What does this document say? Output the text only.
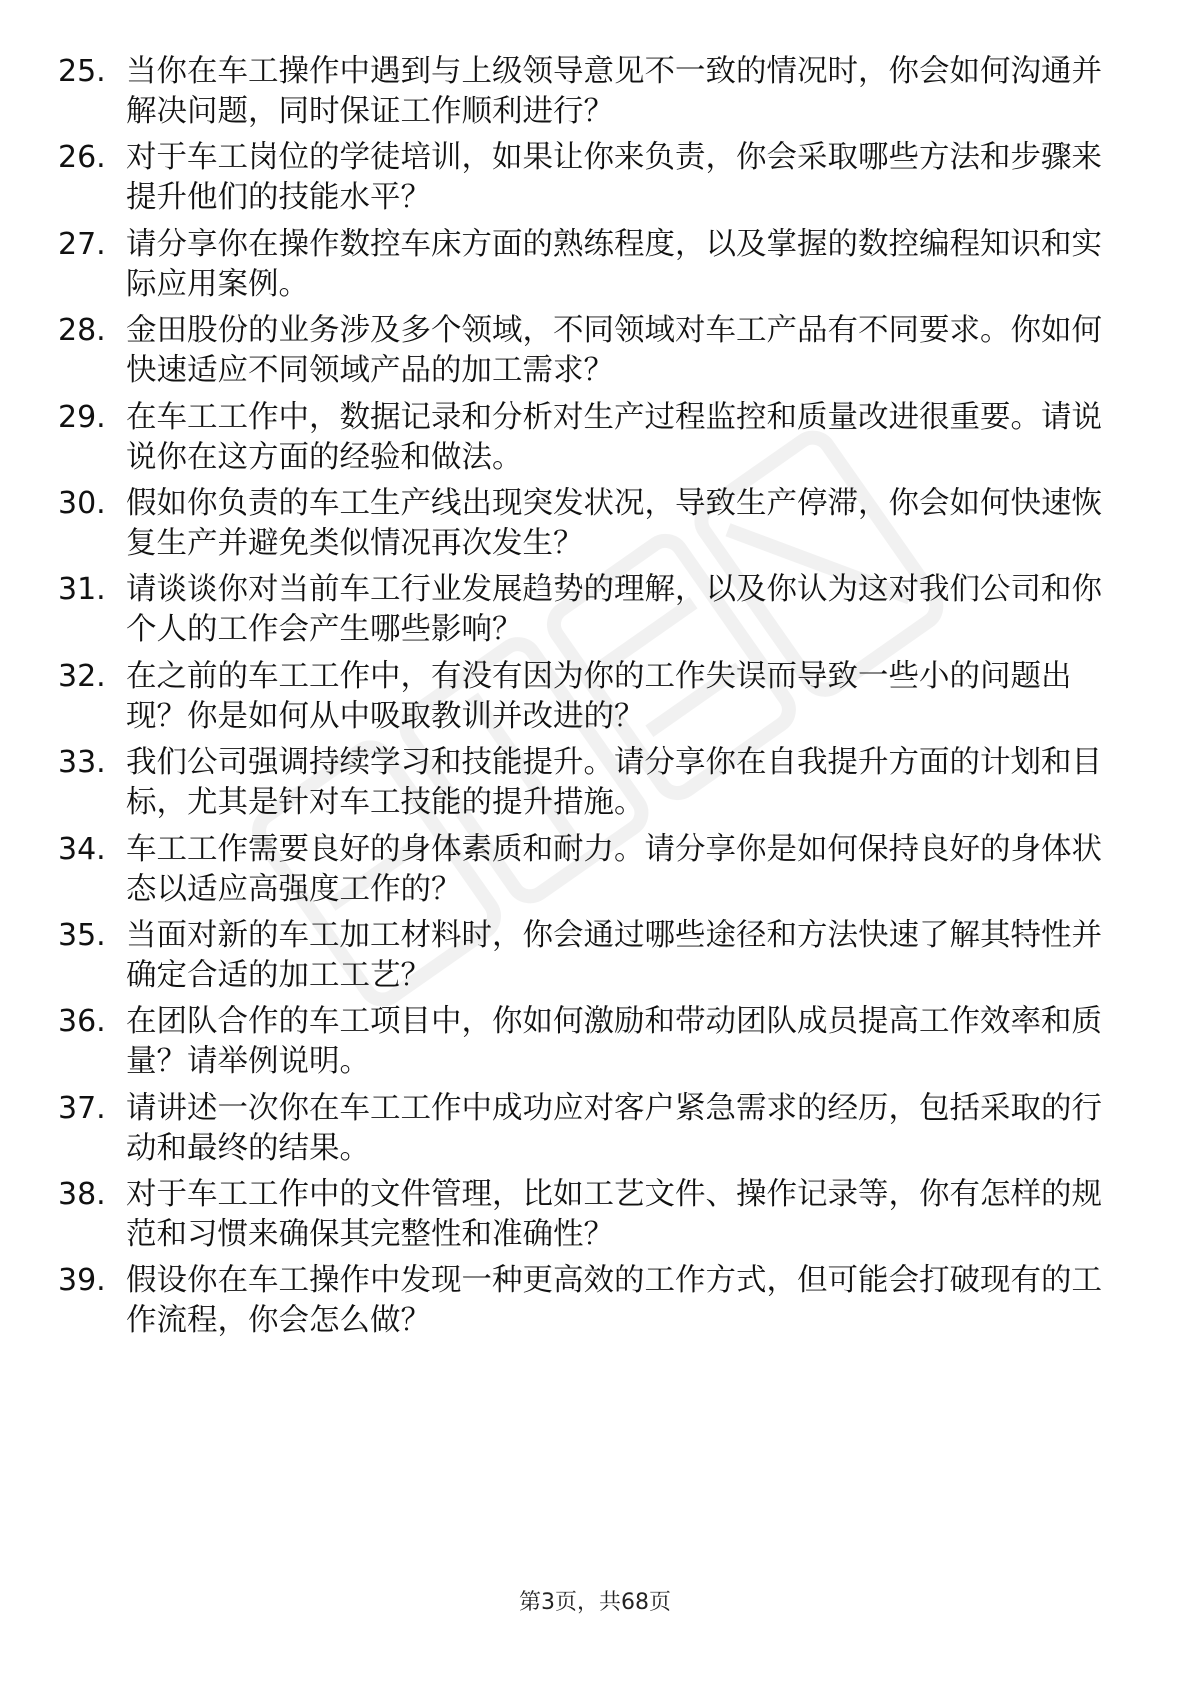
25. 当你在车工操作中遇到与上级领导意见不一致的情况时，你会如何沟通并解决问题，同时保证工作顺利进行？
26. 对于车工岗位的学徒培训，如果让你来负责，你会采取哪些方法和步骤来提升他们的技能水平？
27. 请分享你在操作数控车床方面的熟练程度，以及掌握的数控编程知识和实际应用案例。
28. 金田股份的业务涉及多个领域，不同领域对车工产品有不同要求。你如何快速适应不同领域产品的加工需求？
29. 在车工工作中，数据记录和分析对生产过程监控和质量改进很重要。请说说你在这方面的经验和做法。
30. 假如你负责的车工生产线出现突发状况，导致生产停滞，你会如何快速恢复生产并避免类似情况再次发生？
31. 请谈谈你对当前车工行业发展趋势的理解，以及你认为这对我们公司和你个人的工作会产生哪些影响？
32. 在之前的车工工作中，有没有因为你的工作失误而导致一些小的问题出现？你是如何从中吸取教训并改进的？
33. 我们公司强调持续学习和技能提升。请分享你在自我提升方面的计划和目标，尤其是针对车工技能的提升措施。
34. 车工工作需要良好的身体素质和耐力。请分享你是如何保持良好的身体状态以适应高强度工作的？
35. 当面对新的车工加工材料时，你会通过哪些途径和方法快速了解其特性并确定合适的加工工艺？
36. 在团队合作的车工项目中，你如何激励和带动团队成员提高工作效率和质量？请举例说明。
37. 请讲述一次你在车工工作中成功应对客户紧急需求的经历，包括采取的行动和最终的结果。
38. 对于车工工作中的文件管理，比如工艺文件、操作记录等，你有怎样的规范和习惯来确保其完整性和准确性？
39. 假设你在车工操作中发现一种更高效的工作方式，但可能会打破现有的工作流程，你会怎么做？
第3页，共68页
